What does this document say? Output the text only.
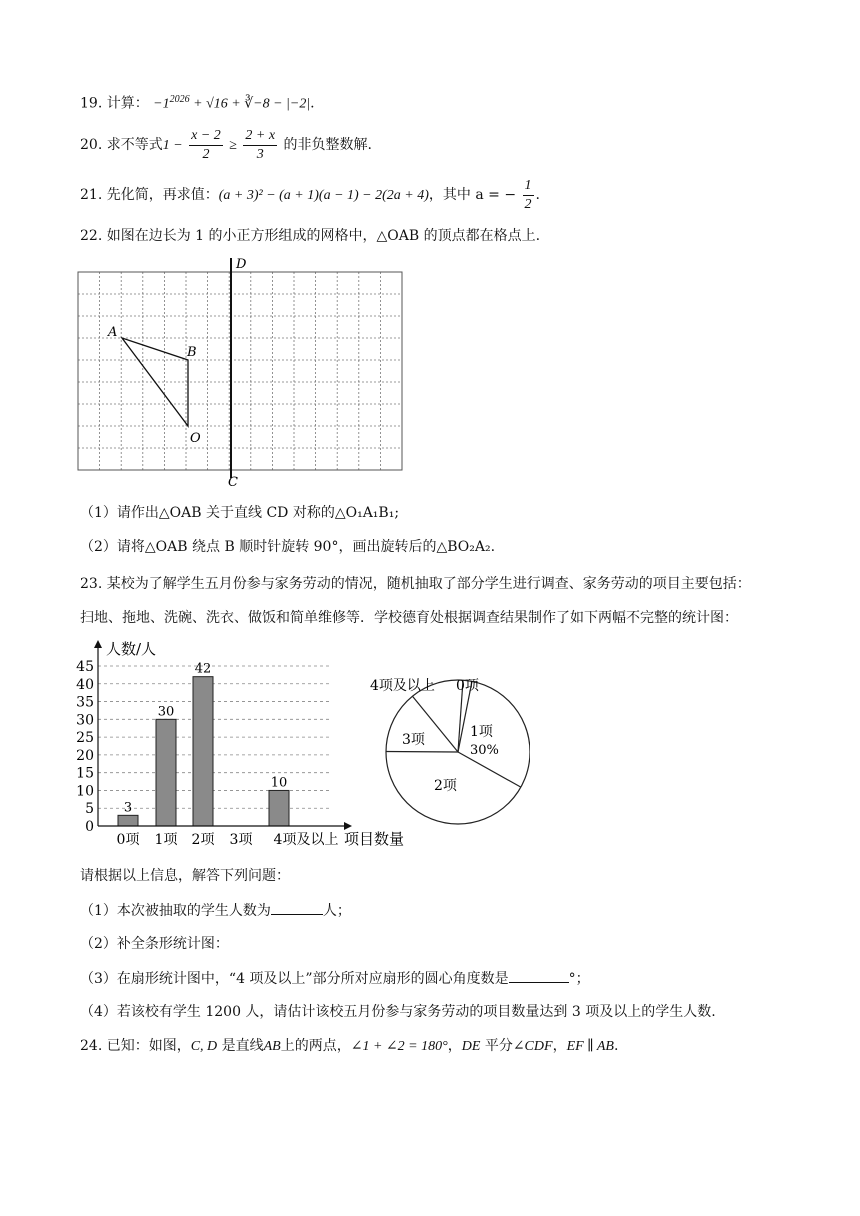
19. 计算： $-1^{2026} + √16$ + ∛−8 − |−2|.
20. 求不等式$1 - \frac{x - 2}{2} \ge \frac{2 + x}{3}$ 的非负整数解.
21. 先化简，再求值：(a + 3)² − (a + 1)(a − 1) − 2(2a + 4)，其中 a = − $\frac{1}{2}$ .
22. 如图在边长为 1 的小正方形组成的网格中，△OAB 的顶点都在格点上.
D
C
A
B
O
（1）请作出△OAB 关于直线 CD 对称的△O₁A₁B₁;
（2）请将△OAB 绕点 B 顺时针旋转 90°，画出旋转后的△BO₂A₂.
23. 某校为了解学生五月份参与家务劳动的情况，随机抽取了部分学生进行调查、家务劳动的项目主要包括：
扫地、拖地、洗碗、洗衣、做饭和简单维修等．学校德育处根据调查结果制作了如下两幅不完整的统计图：
0
5
10
15
20
25
30
35
40
45
3
30
42
10
0项 1项 2项 3项 4项及以上
人数/人
项目数量
4项及以上 0项
1项
30%
2项
3项
请根据以上信息，解答下列问题：
（1）本次被抽取的学生人数为	人；
（2）补全条形统计图：
（3）在扇形统计图中，“4 项及以上”部分所对应扇形的圆心角度数是	°；
（4）若该校有学生 1200 人，请估计该校五月份参与家务劳动的项目数量达到 3 项及以上的学生人数.
24. 已知：如图，C, D 是直线AB上的两点，∠1 + ∠2 = 180°，DE 平分∠CDF，EF ∥ AB.
